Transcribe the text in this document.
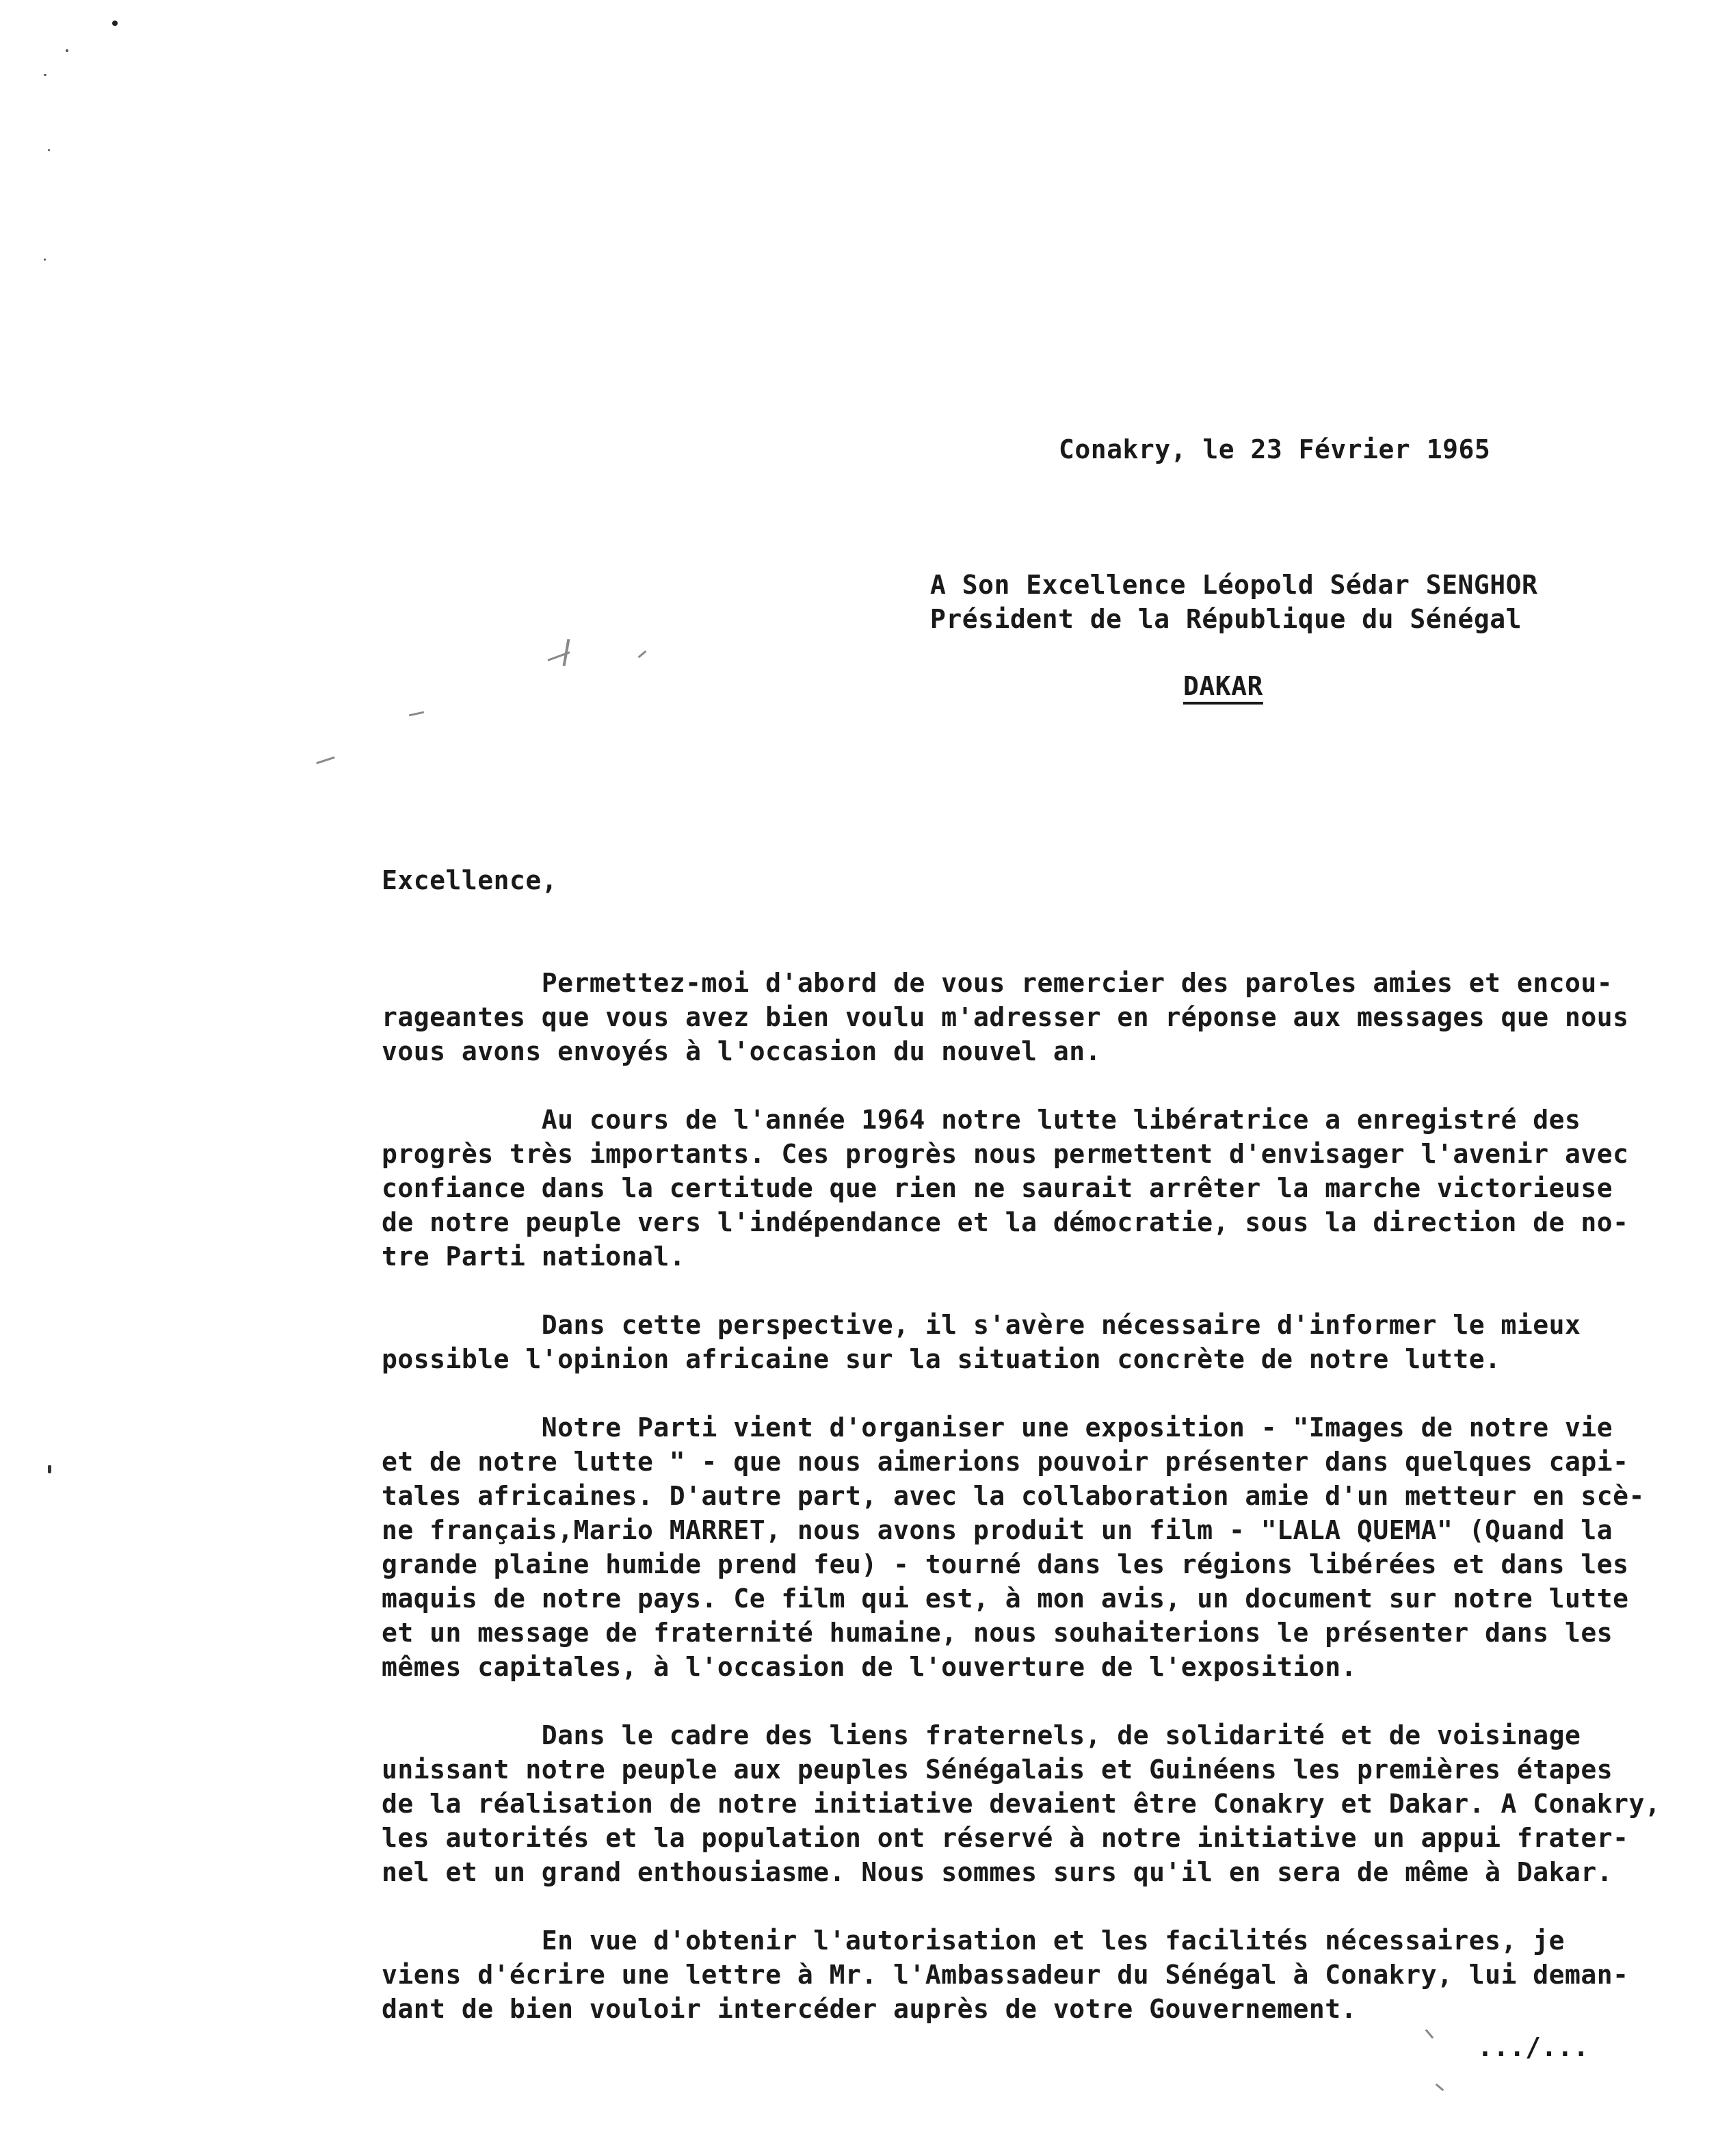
Conakry, le 23 Février 1965
A Son Excellence Léopold Sédar SENGHOR
Président de la République du Sénégal
DAKAR
Excellence,
Permettez-moi d'abord de vous remercier des paroles amies et encou-
rageantes que vous avez bien voulu m'adresser en réponse aux messages que nous
vous avons envoyés à l'occasion du nouvel an.
Au cours de l'année 1964 notre lutte libératrice a enregistré des
progrès très importants. Ces progrès nous permettent d'envisager l'avenir avec
confiance dans la certitude que rien ne saurait arrêter la marche victorieuse
de notre peuple vers l'indépendance et la démocratie, sous la direction de no-
tre Parti national.
Dans cette perspective, il s'avère nécessaire d'informer le mieux
possible l'opinion africaine sur la situation concrète de notre lutte.
Notre Parti vient d'organiser une exposition - "Images de notre vie
et de notre lutte " - que nous aimerions pouvoir présenter dans quelques capi-
tales africaines. D'autre part, avec la collaboration amie d'un metteur en scè-
ne français,Mario MARRET, nous avons produit un film - "LALA QUEMA" (Quand la
grande plaine humide prend feu) - tourné dans les régions libérées et dans les
maquis de notre pays. Ce film qui est, à mon avis, un document sur notre lutte
et un message de fraternité humaine, nous souhaiterions le présenter dans les
mêmes capitales, à l'occasion de l'ouverture de l'exposition.
Dans le cadre des liens fraternels, de solidarité et de voisinage
unissant notre peuple aux peuples Sénégalais et Guinéens les premières étapes
de la réalisation de notre initiative devaient être Conakry et Dakar. A Conakry,
les autorités et la population ont réservé à notre initiative un appui frater-
nel et un grand enthousiasme. Nous sommes surs qu'il en sera de même à Dakar.
En vue d'obtenir l'autorisation et les facilités nécessaires, je
viens d'écrire une lettre à Mr. l'Ambassadeur du Sénégal à Conakry, lui deman-
dant de bien vouloir intercéder auprès de votre Gouvernement.
.../...
